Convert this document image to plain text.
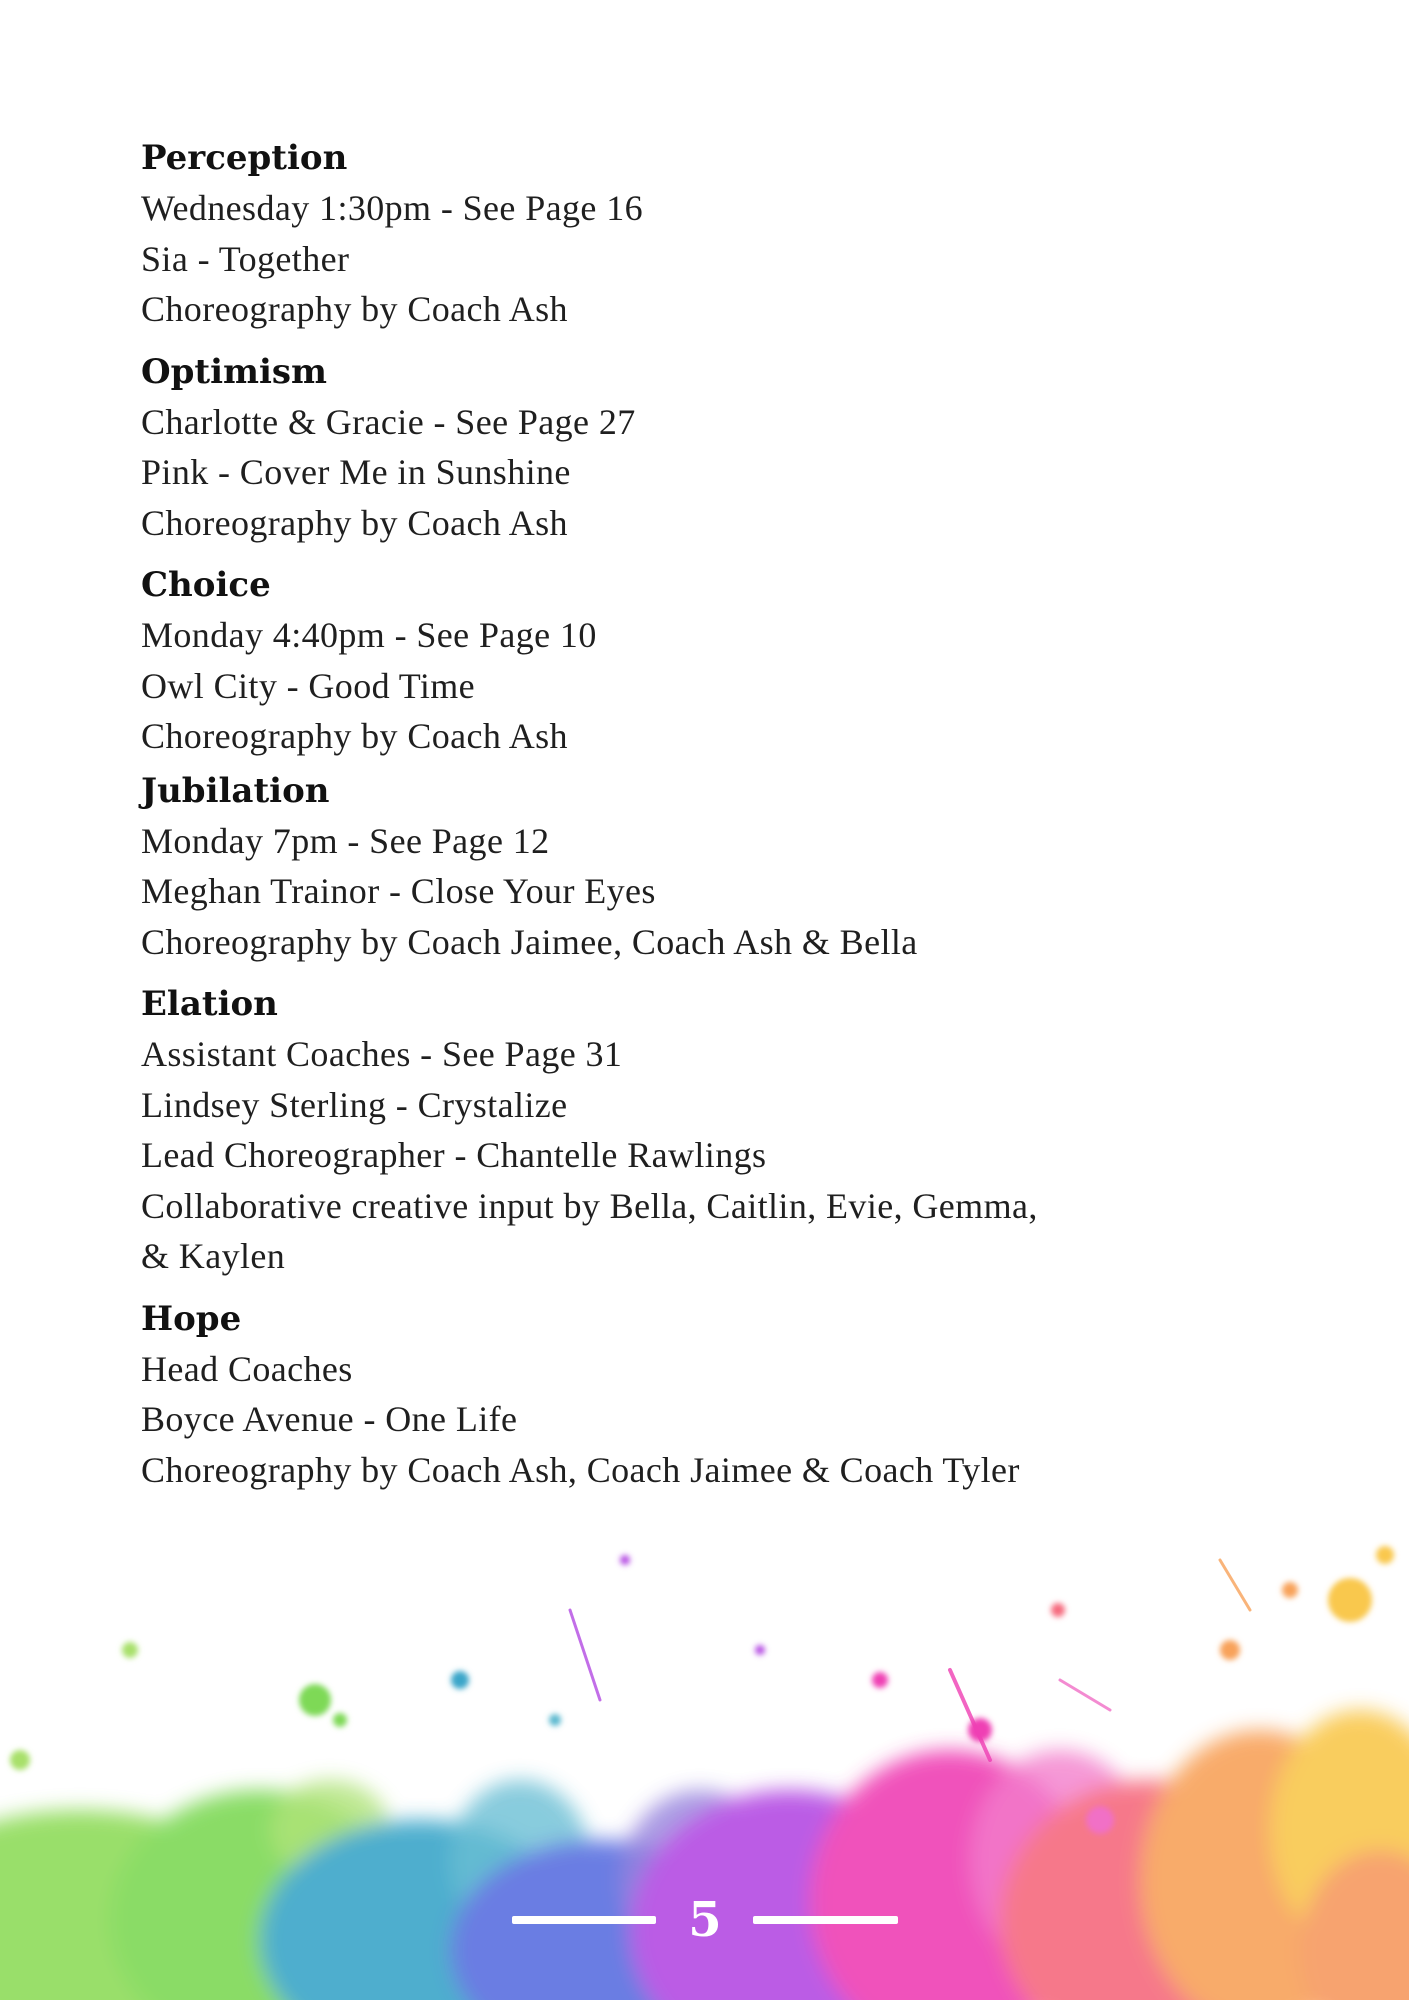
Perception
Wednesday 1:30pm - See Page 16
Sia - Together
Choreography by Coach Ash
Optimism
Charlotte & Gracie - See Page 27
Pink - Cover Me in Sunshine
Choreography by Coach Ash
Choice
Monday 4:40pm - See Page 10
Owl City - Good Time
Choreography by Coach Ash
Jubilation
Monday 7pm - See Page 12
Meghan Trainor - Close Your Eyes
Choreography by Coach Jaimee, Coach Ash & Bella
Elation
Assistant Coaches - See Page 31
Lindsey Sterling - Crystalize
Lead Choreographer - Chantelle Rawlings
Collaborative creative input by Bella, Caitlin, Evie, Gemma,
& Kaylen
Hope
Head Coaches
Boyce Avenue - One Life
Choreography by Coach Ash, Coach Jaimee & Coach Tyler
5
